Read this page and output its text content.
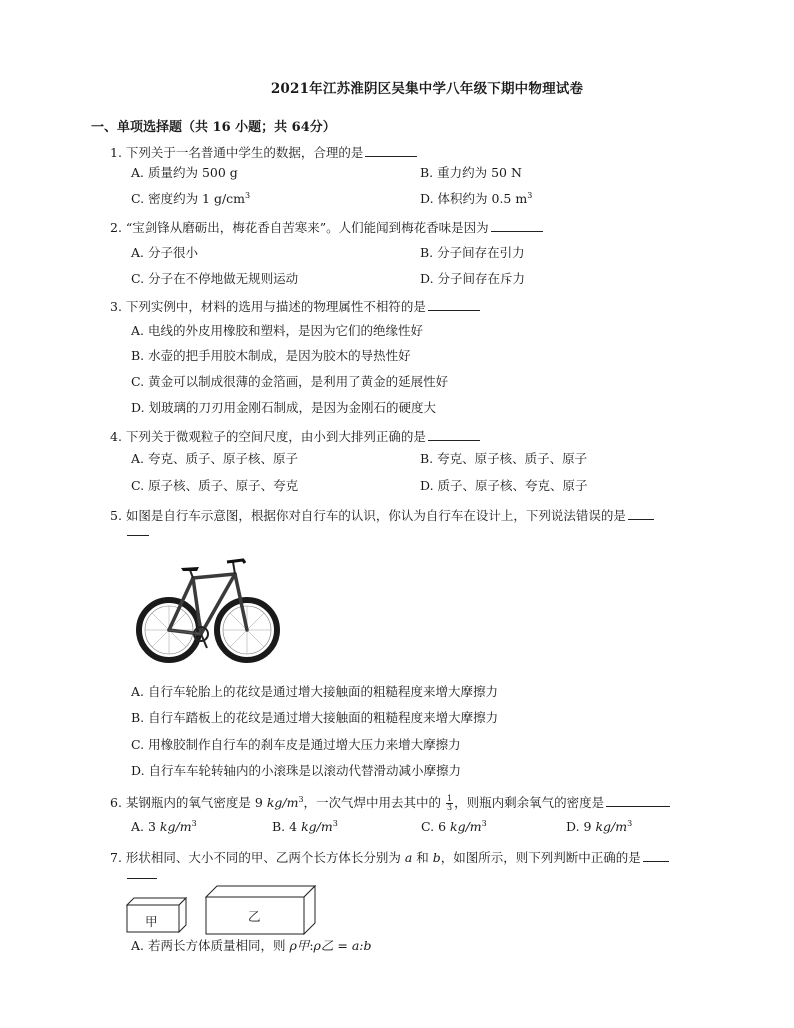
2021年江苏淮阴区吴集中学八年级下期中物理试卷
一、单项选择题（共 16 小题；共 64分）
1. 下列关于一名普通中学生的数据，合理的是
A. 质量约为 500 g	B. 重力约为 50 N
C. 密度约为 1 $g/cm^3$	D. 体积约为 0.5 $m^3$
2. “宝剑锋从磨砺出，梅花香自苦寒来”。人们能闻到梅花香味是因为
A. 分子很小	B. 分子间存在引力
C. 分子在不停地做无规则运动	D. 分子间存在斥力
3. 下列实例中，材料的选用与描述的物理属性不相符的是
A. 电线的外皮用橡胶和塑料，是因为它们的绝缘性好
B. 水壶的把手用胶木制成，是因为胶木的导热性好
C. 黄金可以制成很薄的金箔画，是利用了黄金的延展性好
D. 划玻璃的刀刃用金刚石制成，是因为金刚石的硬度大
4. 下列关于微观粒子的空间尺度，由小到大排列正确的是
A. 夸克、质子、原子核、原子	B. 夸克、原子核、质子、原子
C. 原子核、质子、原子、夸克	D. 质子、原子核、夸克、原子
5. 如图是自行车示意图，根据你对自行车的认识，你认为自行车在设计上，下列说法错误的是
A. 自行车轮胎上的花纹是通过增大接触面的粗糙程度来增大摩擦力
B. 自行车踏板上的花纹是通过增大接触面的粗糙程度来增大摩擦力
C. 用橡胶制作自行车的刹车皮是通过增大压力来增大摩擦力
D. 自行车车轮转轴内的小滚珠是以滚动代替滑动减小摩擦力
6. 某钢瓶内的氧气密度是 9 $kg/m^3$，一次气焊中用去其中的 $\frac{1}{3}$ ，则瓶内剩余氧气的密度是
A. 3 $kg/m^3$	B. 4 $kg/m^3$	C. 6 $kg/m^3$	D. 9 $kg/m^3$
7. 形状相同、大小不同的甲、乙两个长方体长分别为 a 和 b，如图所示，则下列判断中正确的是
甲	乙
A. 若两长方体质量相同，则 ρ甲:ρ乙 = a:b
